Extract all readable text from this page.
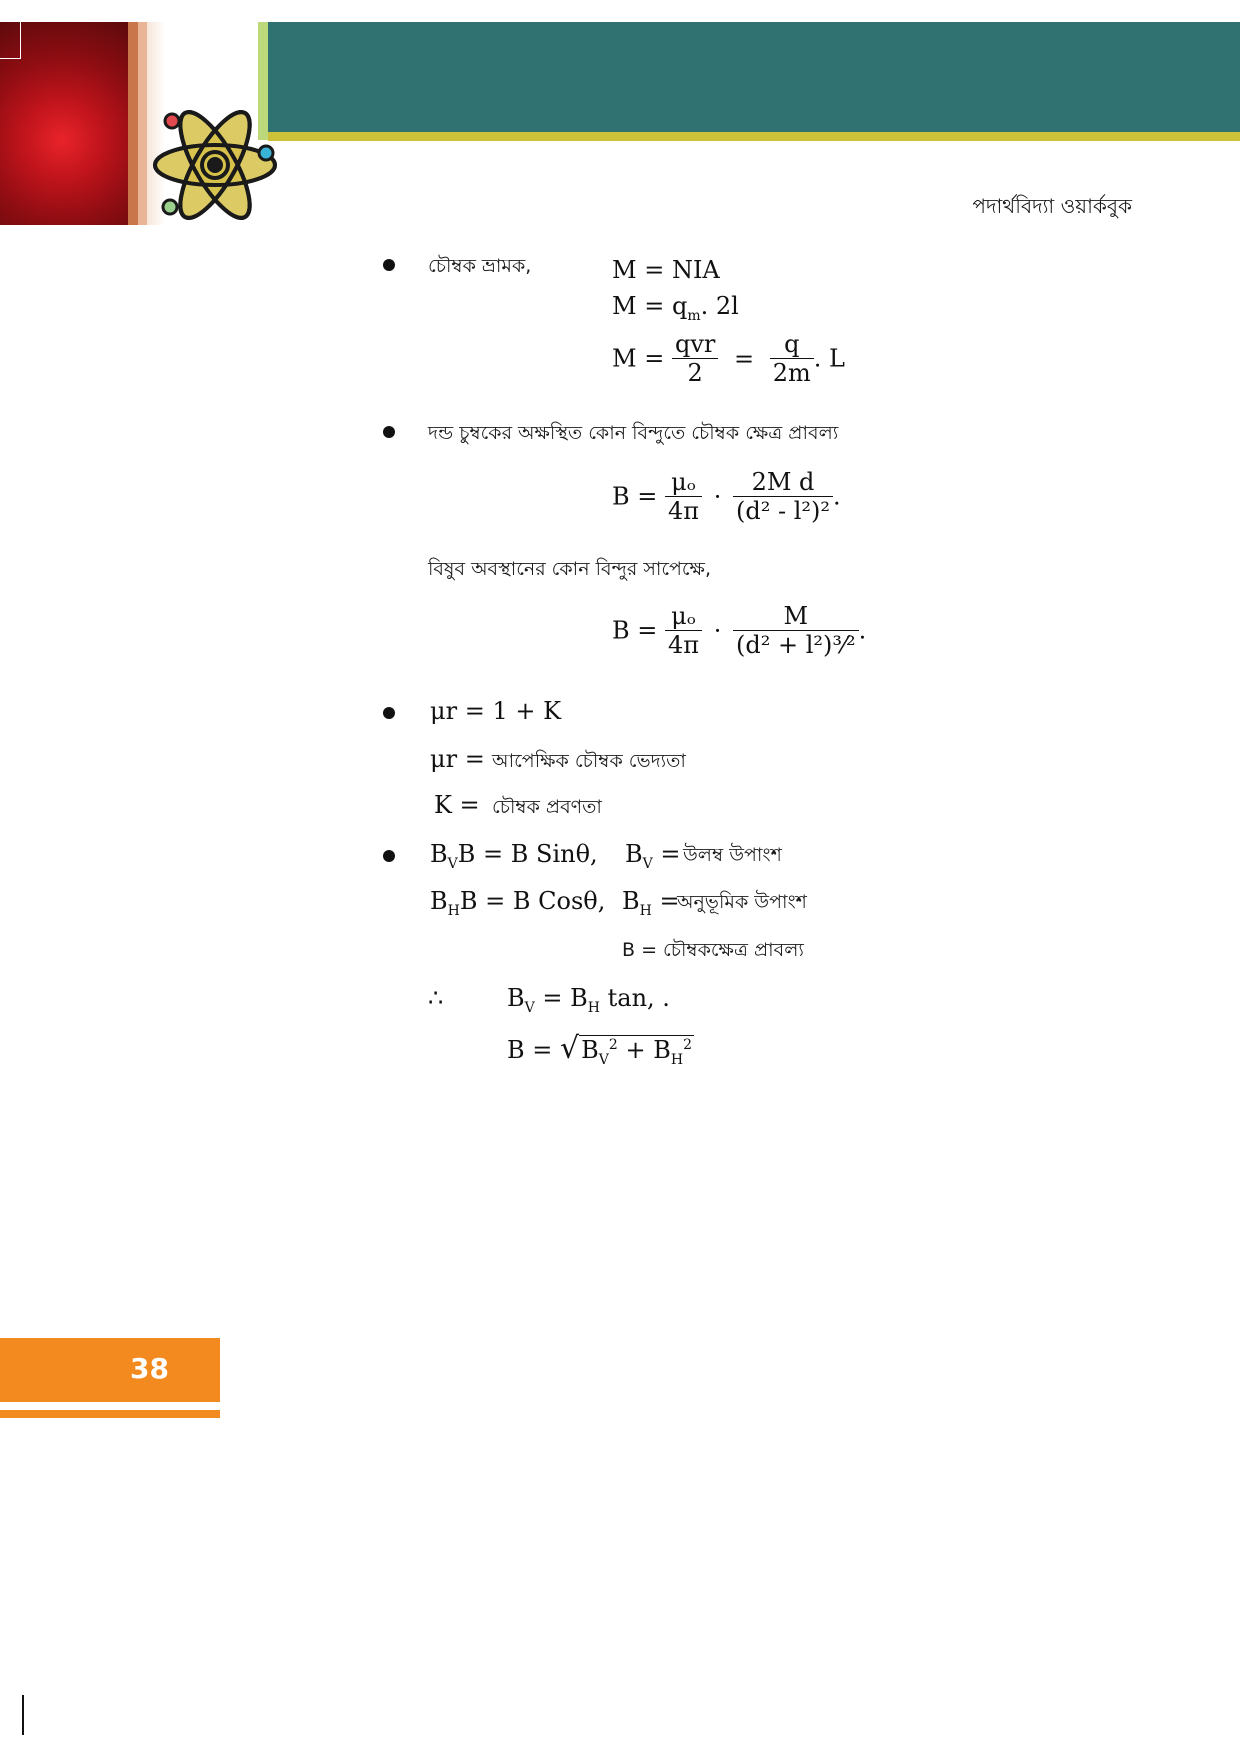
পদার্থবিদ্যা ওয়ার্কবুক
চৌম্বক ভ্রামক,	M = NIA
$M = q_m$. 2l
$M = \frac{\text{qvr}}{2} = \frac{q}{2m}$ . L
দন্ড চুম্বকের অক্ষস্থিত কোন বিন্দুতে চৌম্বক ক্ষেত্র প্রাবল্য
$B = \frac{\text{μₒ}}{4\pi} \cdot \frac{\text{2M d}}{\text{(d² - l²)²}}$ .
বিষুব অবস্থানের কোন বিন্দুর সাপেক্ষে,
$B = \frac{\text{μₒ}}{4\pi} \cdot \frac{M}{\text{(d² + l²)³⁄²}}$ .
μr = 1 + K
μr = আপেক্ষিক চৌম্বক ভেদ্যতা
K = চৌম্বক প্রবণতা
$B_VB = B$ Sinθ, $B_V$ = উলম্ব উপাংশ
$B_HB = B$ Cosθ, $B_H$ =
অনুভূমিক উপাংশ
B = চৌম্বকক্ষেত্র প্রাবল্য
∴	$B_V = B_H$ tan, .
$B = √B_V^2 + B_H^2$
38
